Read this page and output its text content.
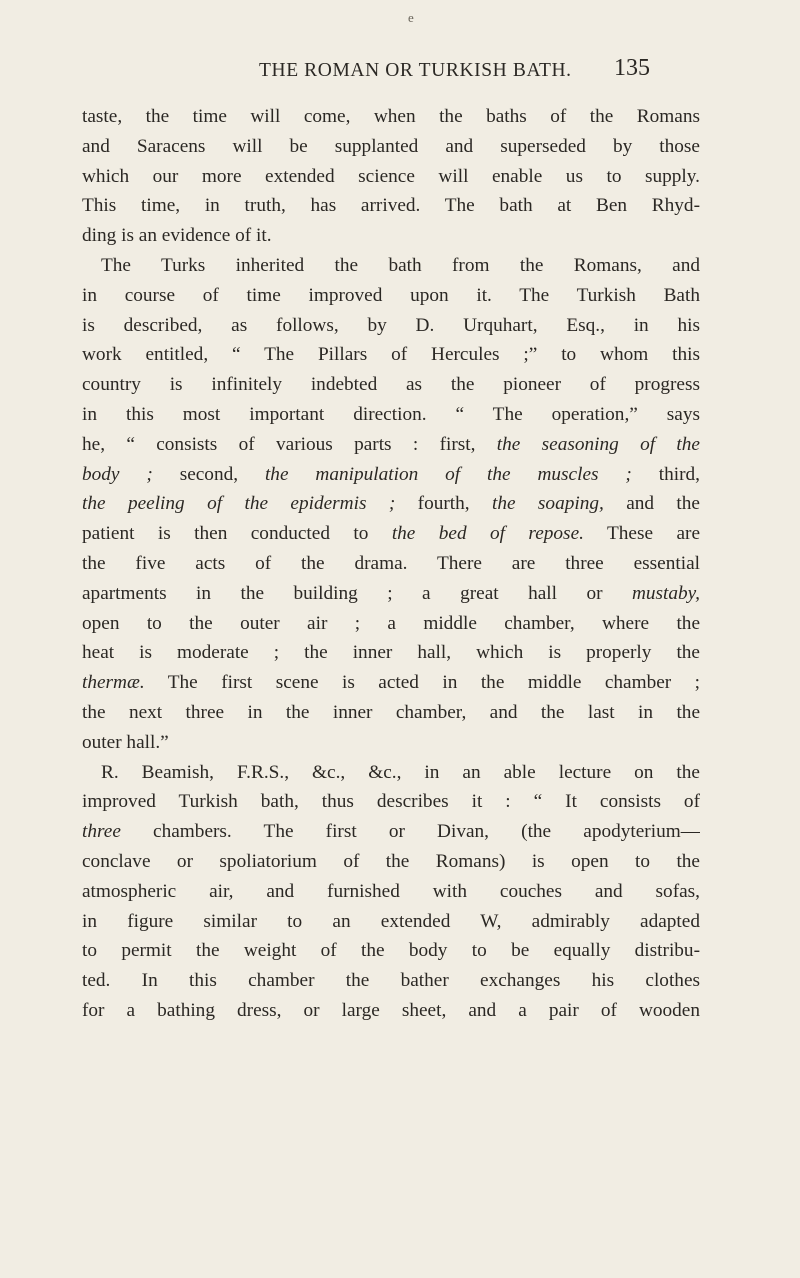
e
THE ROMAN OR TURKISH BATH. 135
taste, the time will come, when the baths of the Romans
and Saracens will be supplanted and superseded by those
which our more extended science will enable us to supply.
This time, in truth, has arrived. The bath at Ben Rhyd-
ding is an evidence of it.
The Turks inherited the bath from the Romans, and
in course of time improved upon it. The Turkish Bath
is described, as follows, by D. Urquhart, Esq., in his
work entitled, “ The Pillars of Hercules ;” to whom this
country is infinitely indebted as the pioneer of progress
in this most important direction. “ The operation,” says
he, “ consists of various parts : first, the seasoning of the
body ; second, the manipulation of the muscles ; third,
the peeling of the epidermis ; fourth, the soaping, and the
patient is then conducted to the bed of repose. These are
the five acts of the drama. There are three essential
apartments in the building ; a great hall or mustaby,
open to the outer air ; a middle chamber, where the
heat is moderate ; the inner hall, which is properly the
thermæ. The first scene is acted in the middle chamber ;
the next three in the inner chamber, and the last in the
outer hall.”
R. Beamish, F.R.S., &c., &c., in an able lecture on the
improved Turkish bath, thus describes it : “ It consists of
three chambers. The first or Divan, (the apodyterium—
conclave or spoliatorium of the Romans) is open to the
atmospheric air, and furnished with couches and sofas,
in figure similar to an extended W, admirably adapted
to permit the weight of the body to be equally distribu-
ted. In this chamber the bather exchanges his clothes
for a bathing dress, or large sheet, and a pair of wooden
